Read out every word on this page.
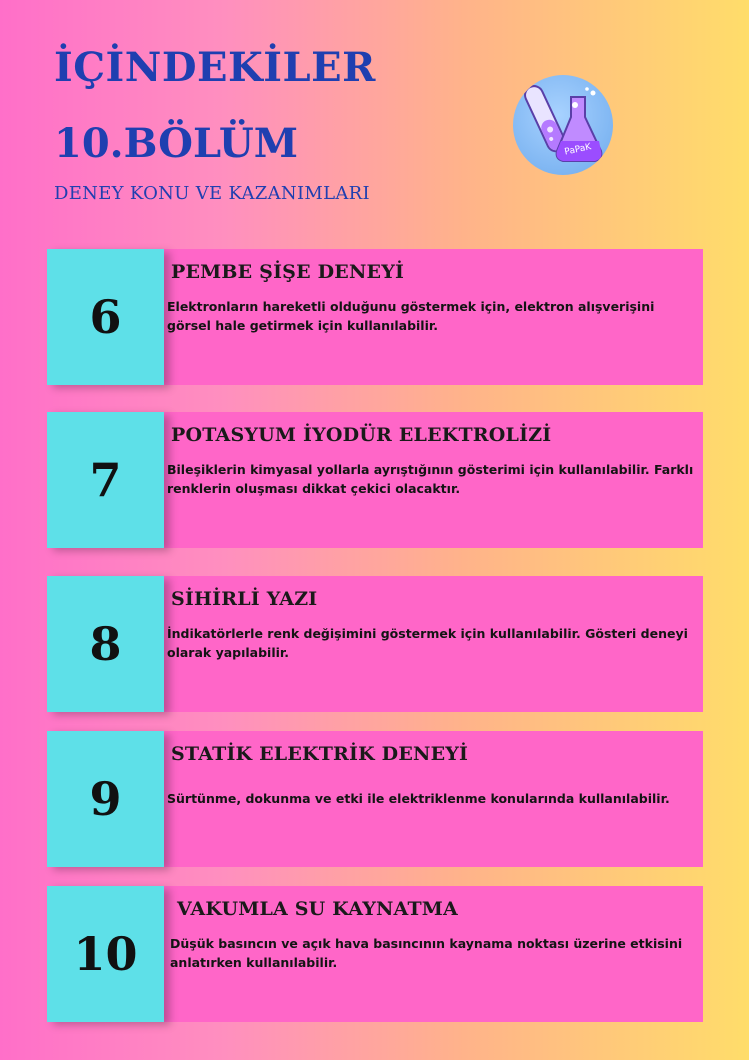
İÇİNDEKİLER
10.BÖLÜM
DENEY KONU VE KAZANIMLARI
PaPaK
6
PEMBE ŞİŞE DENEYİ
Elektronların hareketli olduğunu göstermek için, elektron alışverişini görsel hale getirmek için kullanılabilir.
7
POTASYUM İYODÜR ELEKTROLİZİ
Bileşiklerin kimyasal yollarla ayrıştığının gösterimi için kullanılabilir. Farklı renklerin oluşması dikkat çekici olacaktır.
8
SİHİRLİ YAZI
İndikatörlerle renk değişimini göstermek için kullanılabilir. Gösteri deneyi olarak yapılabilir.
9
STATİK ELEKTRİK DENEYİ
Sürtünme, dokunma ve etki ile elektriklenme konularında kullanılabilir.
10
VAKUMLA SU KAYNATMA
Düşük basıncın ve açık hava basıncının kaynama noktası üzerine etkisini anlatırken kullanılabilir.
